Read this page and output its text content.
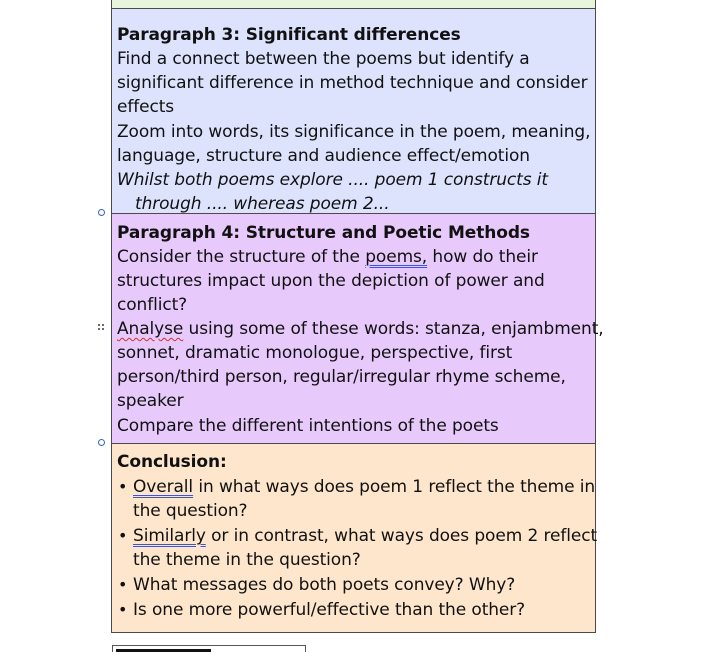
Paragraph 3: Significant differences
Find a connect between the poems but identify a
significant difference in method technique and consider
effects
Zoom into words, its significance in the poem, meaning,
language, structure and audience effect/emotion
Whilst both poems explore .... poem 1 constructs it
through .... whereas poem 2...
Paragraph 4: Structure and Poetic Methods
Consider the structure of the poems, how do their
structures impact upon the depiction of power and
conflict?
Analyse using some of these words: stanza, enjambment,
sonnet, dramatic monologue, perspective, first
person/third person, regular/irregular rhyme scheme,
speaker
Compare the different intentions of the poets
Conclusion:
• Overall in what ways does poem 1 reflect the theme in
the question?
• Similarly or in contrast, what ways does poem 2 reflect
the theme in the question?
• What messages do both poets convey? Why?
• Is one more powerful/effective than the other?
